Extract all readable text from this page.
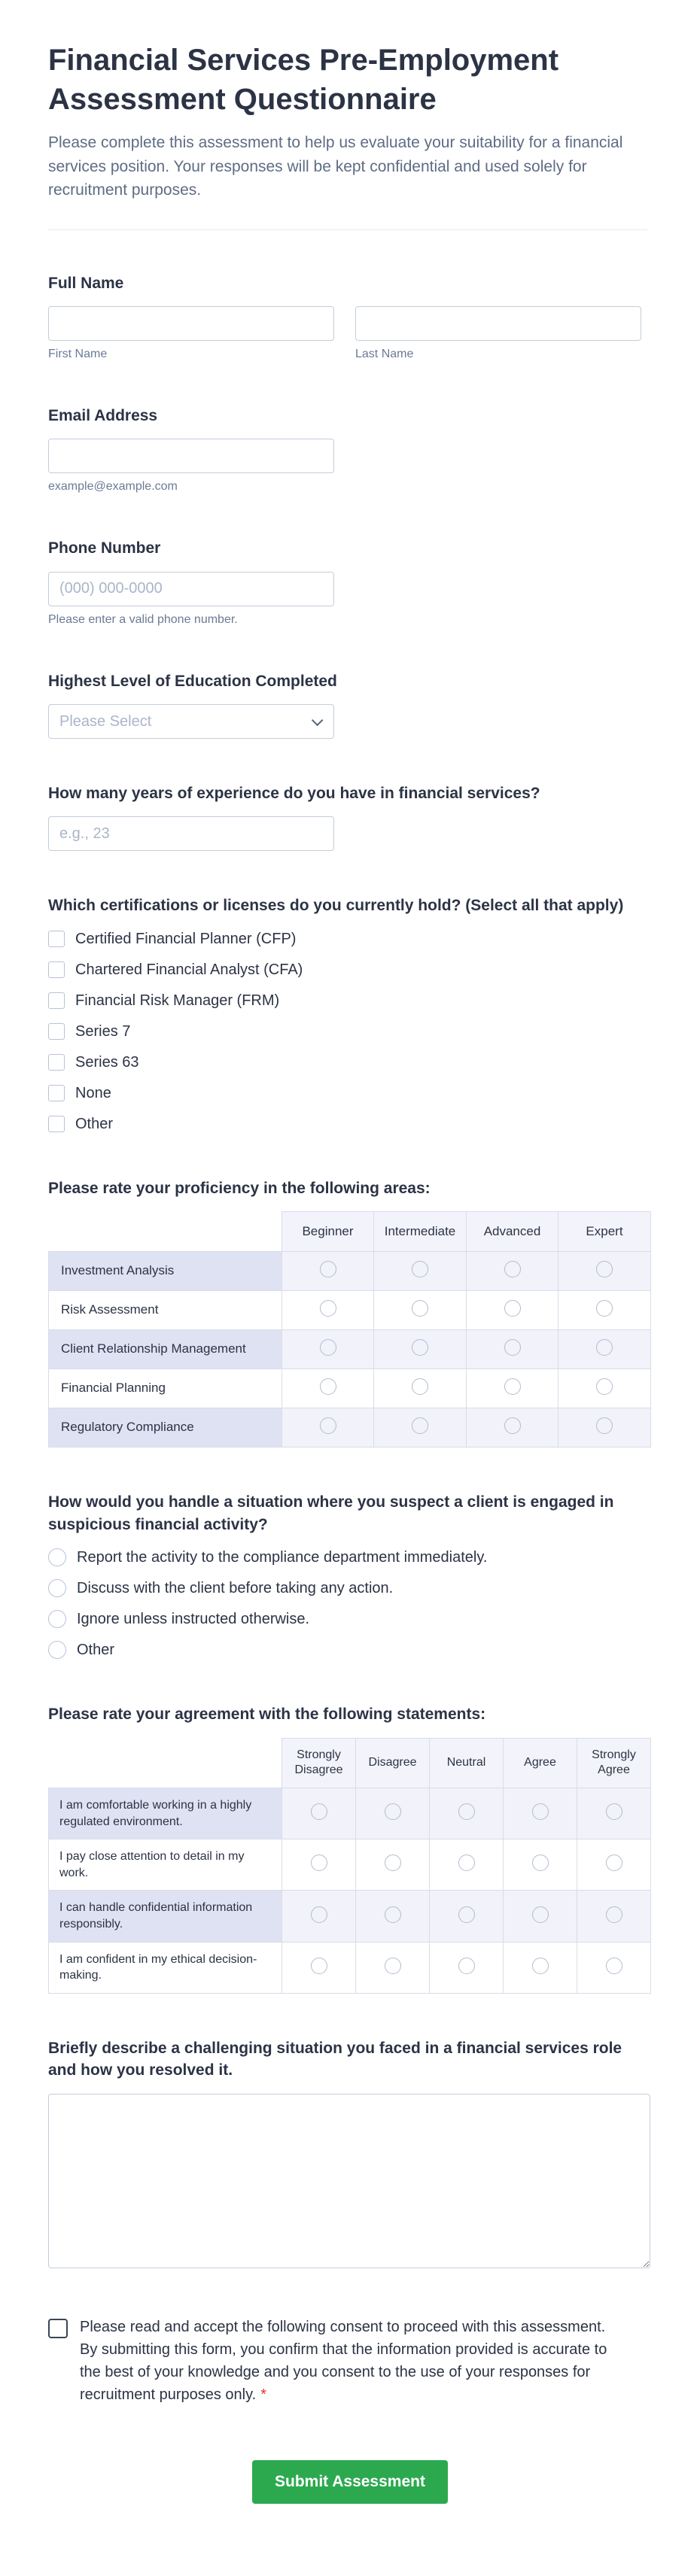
Financial Services Pre-Employment Assessment Questionnaire
Please complete this assessment to help us evaluate your suitability for a financial services position. Your responses will be kept confidential and used solely for recruitment purposes.
Full Name
First Name	Last Name
Email Address
example@example.com
Phone Number
(000) 000-0000
Please enter a valid phone number.
Highest Level of Education Completed
Please Select
How many years of experience do you have in financial services?
e.g., 23
Which certifications or licenses do you currently hold? (Select all that apply)
Certified Financial Planner (CFP)
Chartered Financial Analyst (CFA)
Financial Risk Manager (FRM)
Series 7
Series 63
None
Other
Please rate your proficiency in the following areas:
	Beginner	Intermediate	Advanced	Expert
Investment Analysis				
Risk Assessment				
Client Relationship Management				
Financial Planning				
Regulatory Compliance				
How would you handle a situation where you suspect a client is engaged in suspicious financial activity?
Report the activity to the compliance department immediately.
Discuss with the client before taking any action.
Ignore unless instructed otherwise.
Other
Please rate your agreement with the following statements:
	Strongly Disagree	Disagree	Neutral	Agree	Strongly Agree
I am comfortable working in a highly regulated environment.					
I pay close attention to detail in my work.					
I can handle confidential information responsibly.					
I am confident in my ethical decision-making.					
Briefly describe a challenging situation you faced in a financial services role and how you resolved it.
Please read and accept the following consent to proceed with this assessment. By submitting this form, you confirm that the information provided is accurate to the best of your knowledge and you consent to the use of your responses for recruitment purposes only. *
Submit Assessment
